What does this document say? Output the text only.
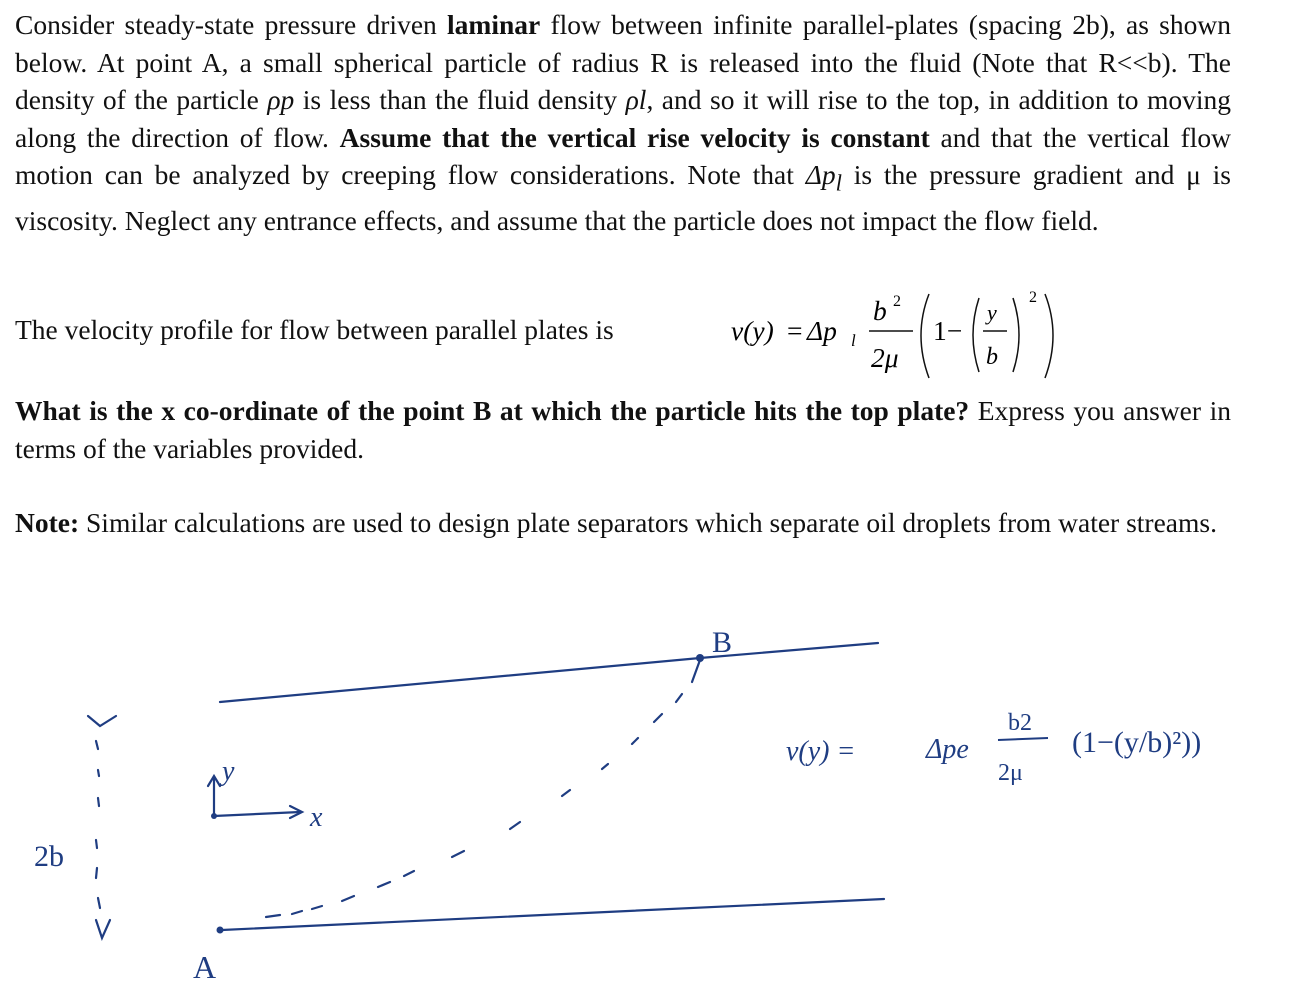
Consider steady-state pressure driven laminar flow between infinite parallel-plates (spacing 2b), as shown below. At point A, a small spherical particle of radius R is released into the fluid (Note that R<<b). The density of the particle ρp is less than the fluid density ρl, and so it will rise to the top, in addition to moving along the direction of flow. Assume that the vertical rise velocity is constant and that the vertical flow motion can be analyzed by creeping flow considerations. Note that $\Delta p_l$ is the pressure gradient and μ is viscosity. Neglect any entrance effects, and assume that the particle does not impact the flow field.
The velocity profile for flow between parallel plates is	v(y) = Δp l
b 2
2μ
1−
y
b
2
What is the x co-ordinate of the point B at which the particle hits the top plate? Express you answer in terms of the variables provided.
Note: Similar calculations are used to design plate separators which separate oil droplets from water streams.
B
A
2b
y
x
v(y) =	Δpe
b2
2μ
(1−(y/b)²))
